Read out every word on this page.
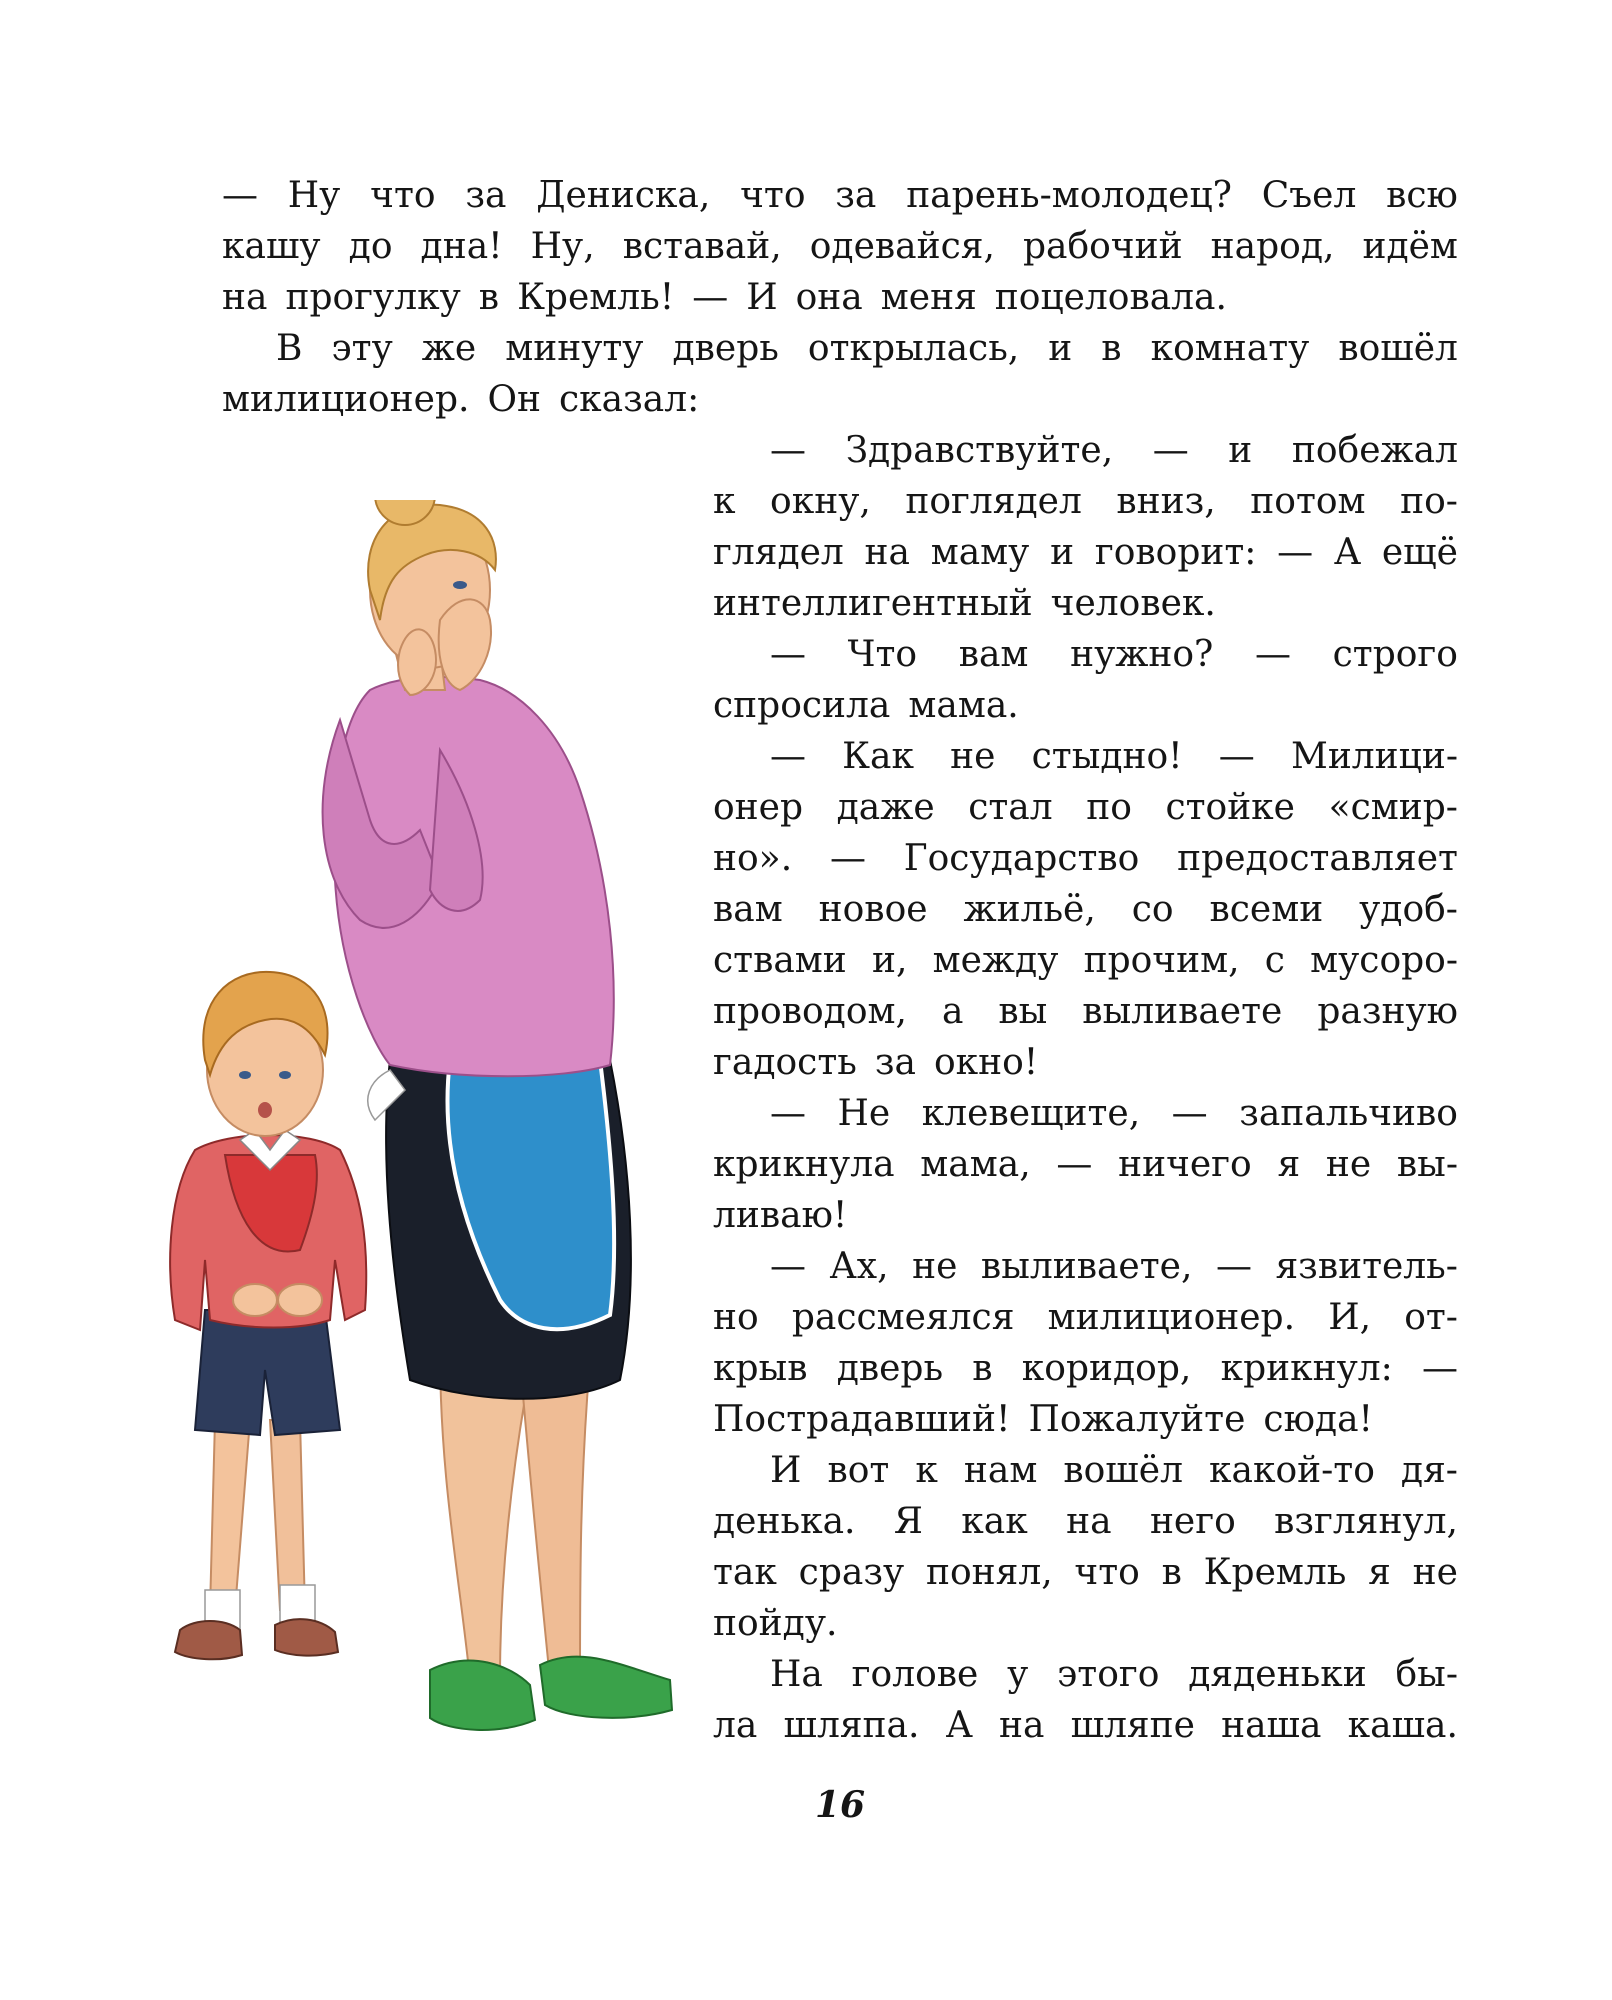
— Ну что за Дениска, что за парень-молодец? Съел всю
кашу до дна! Ну, вставай, одевайся, рабочий народ, идём
на прогулку в Кремль! — И она меня поцеловала.
В эту же минуту дверь открылась, и в комнату вошёл
милиционер. Он сказал:
— Здравствуйте, — и побежал
к окну, поглядел вниз, потом по-
глядел на маму и говорит: — А ещё
интеллигентный человек.
— Что вам нужно? — строго
спросила мама.
— Как не стыдно! — Милици-
онер даже стал по стойке «смир-
но». — Государство предоставляет
вам новое жильё, со всеми удоб-
ствами и, между прочим, с мусоро-
проводом, а вы выливаете разную
гадость за окно!
— Не клевещите, — запальчиво
крикнула мама, — ничего я не вы-
ливаю!
— Ах, не выливаете, — язвитель-
но рассмеялся милиционер. И, от-
крыв дверь в коридор, крикнул: —
Пострадавший! Пожалуйте сюда!
И вот к нам вошёл какой-то дя-
денька. Я как на него взглянул,
так сразу понял, что в Кремль я не
пойду.
На голове у этого дяденьки бы-
ла шляпа. А на шляпе наша каша.
16
